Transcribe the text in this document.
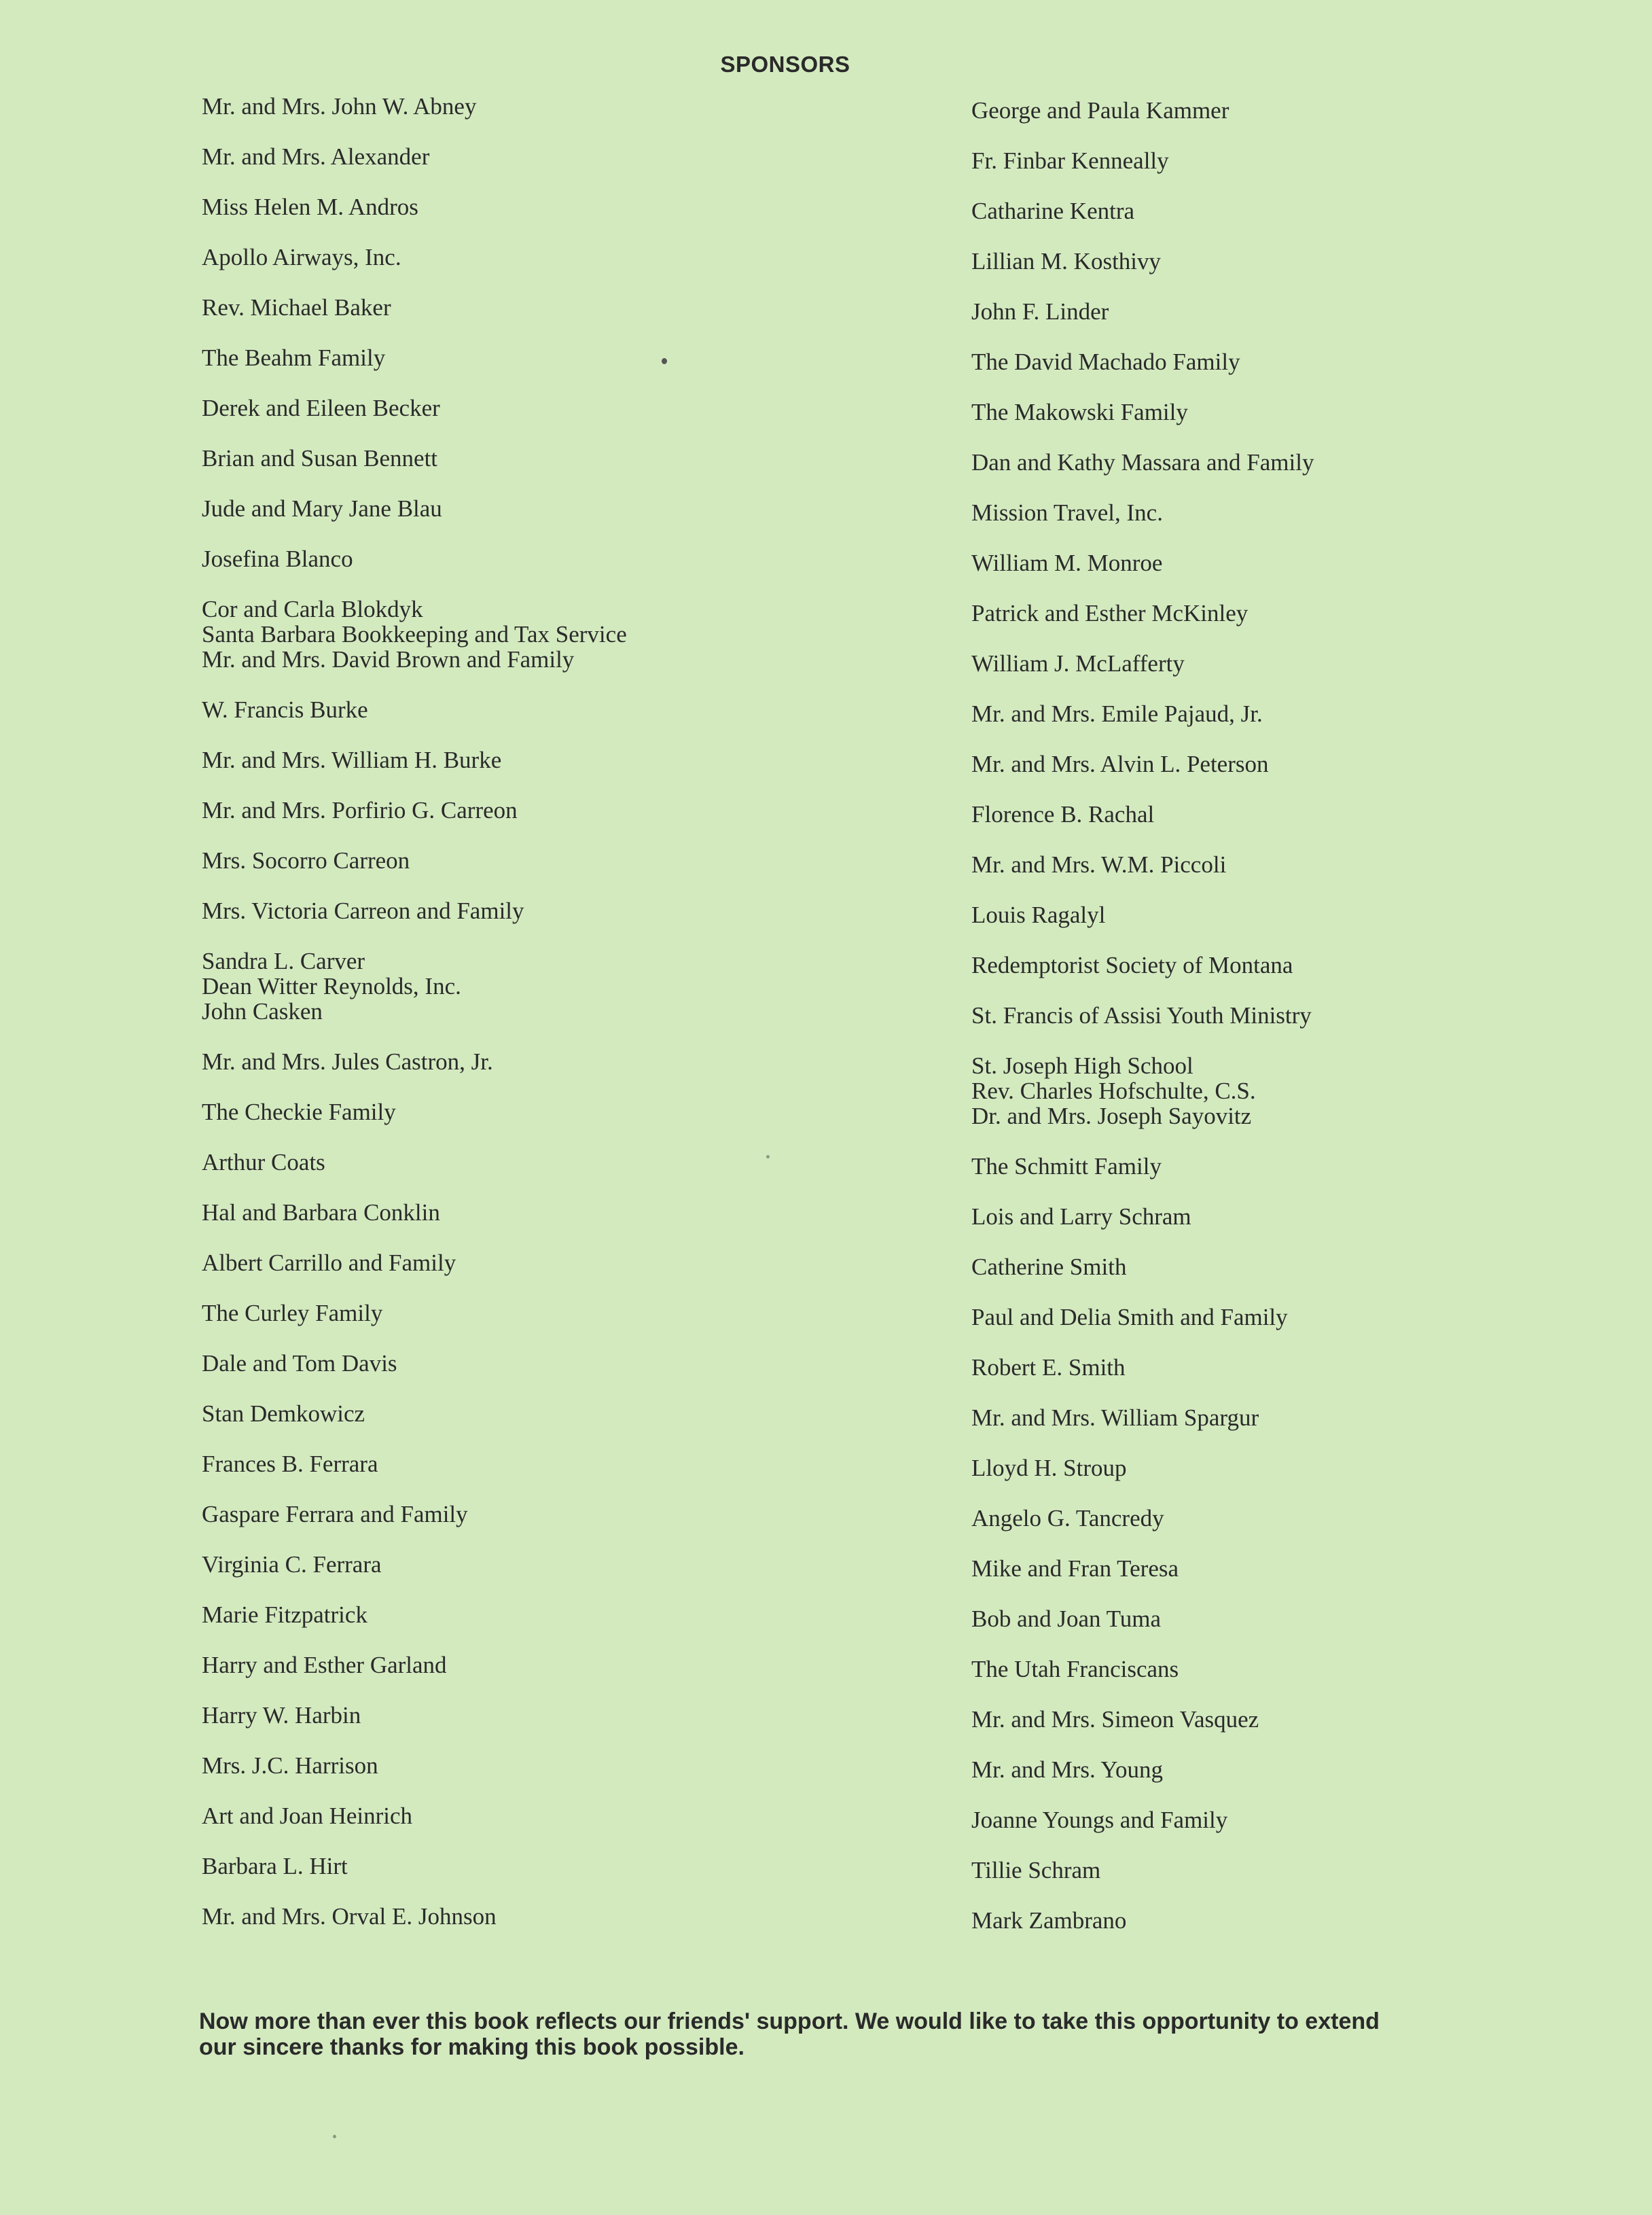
SPONSORS
Mr. and Mrs. John W. Abney
Mr. and Mrs. Alexander
Miss Helen M. Andros
Apollo Airways, Inc.
Rev. Michael Baker
The Beahm Family
Derek and Eileen Becker
Brian and Susan Bennett
Jude and Mary Jane Blau
Josefina Blanco
Cor and Carla Blokdyk
Santa Barbara Bookkeeping and Tax Service
Mr. and Mrs. David Brown and Family
W. Francis Burke
Mr. and Mrs. William H. Burke
Mr. and Mrs. Porfirio G. Carreon
Mrs. Socorro Carreon
Mrs. Victoria Carreon and Family
Sandra L. Carver
Dean Witter Reynolds, Inc.
John Casken
Mr. and Mrs. Jules Castron, Jr.
The Checkie Family
Arthur Coats
Hal and Barbara Conklin
Albert Carrillo and Family
The Curley Family
Dale and Tom Davis
Stan Demkowicz
Frances B. Ferrara
Gaspare Ferrara and Family
Virginia C. Ferrara
Marie Fitzpatrick
Harry and Esther Garland
Harry W. Harbin
Mrs. J.C. Harrison
Art and Joan Heinrich
Barbara L. Hirt
Mr. and Mrs. Orval E. Johnson
George and Paula Kammer
Fr. Finbar Kenneally
Catharine Kentra
Lillian M. Kosthivy
John F. Linder
The David Machado Family
The Makowski Family
Dan and Kathy Massara and Family
Mission Travel, Inc.
William M. Monroe
Patrick and Esther McKinley
William J. McLafferty
Mr. and Mrs. Emile Pajaud, Jr.
Mr. and Mrs. Alvin L. Peterson
Florence B. Rachal
Mr. and Mrs. W.M. Piccoli
Louis Ragalyl
Redemptorist Society of Montana
St. Francis of Assisi Youth Ministry
St. Joseph High School
Rev. Charles Hofschulte, C.S.
Dr. and Mrs. Joseph Sayovitz
The Schmitt Family
Lois and Larry Schram
Catherine Smith
Paul and Delia Smith and Family
Robert E. Smith
Mr. and Mrs. William Spargur
Lloyd H. Stroup
Angelo G. Tancredy
Mike and Fran Teresa
Bob and Joan Tuma
The Utah Franciscans
Mr. and Mrs. Simeon Vasquez
Mr. and Mrs. Young
Joanne Youngs and Family
Tillie Schram
Mark Zambrano
Now more than ever this book reflects our friends' support. We would like to take this opportunity to extend our sincere thanks for making this book possible.
